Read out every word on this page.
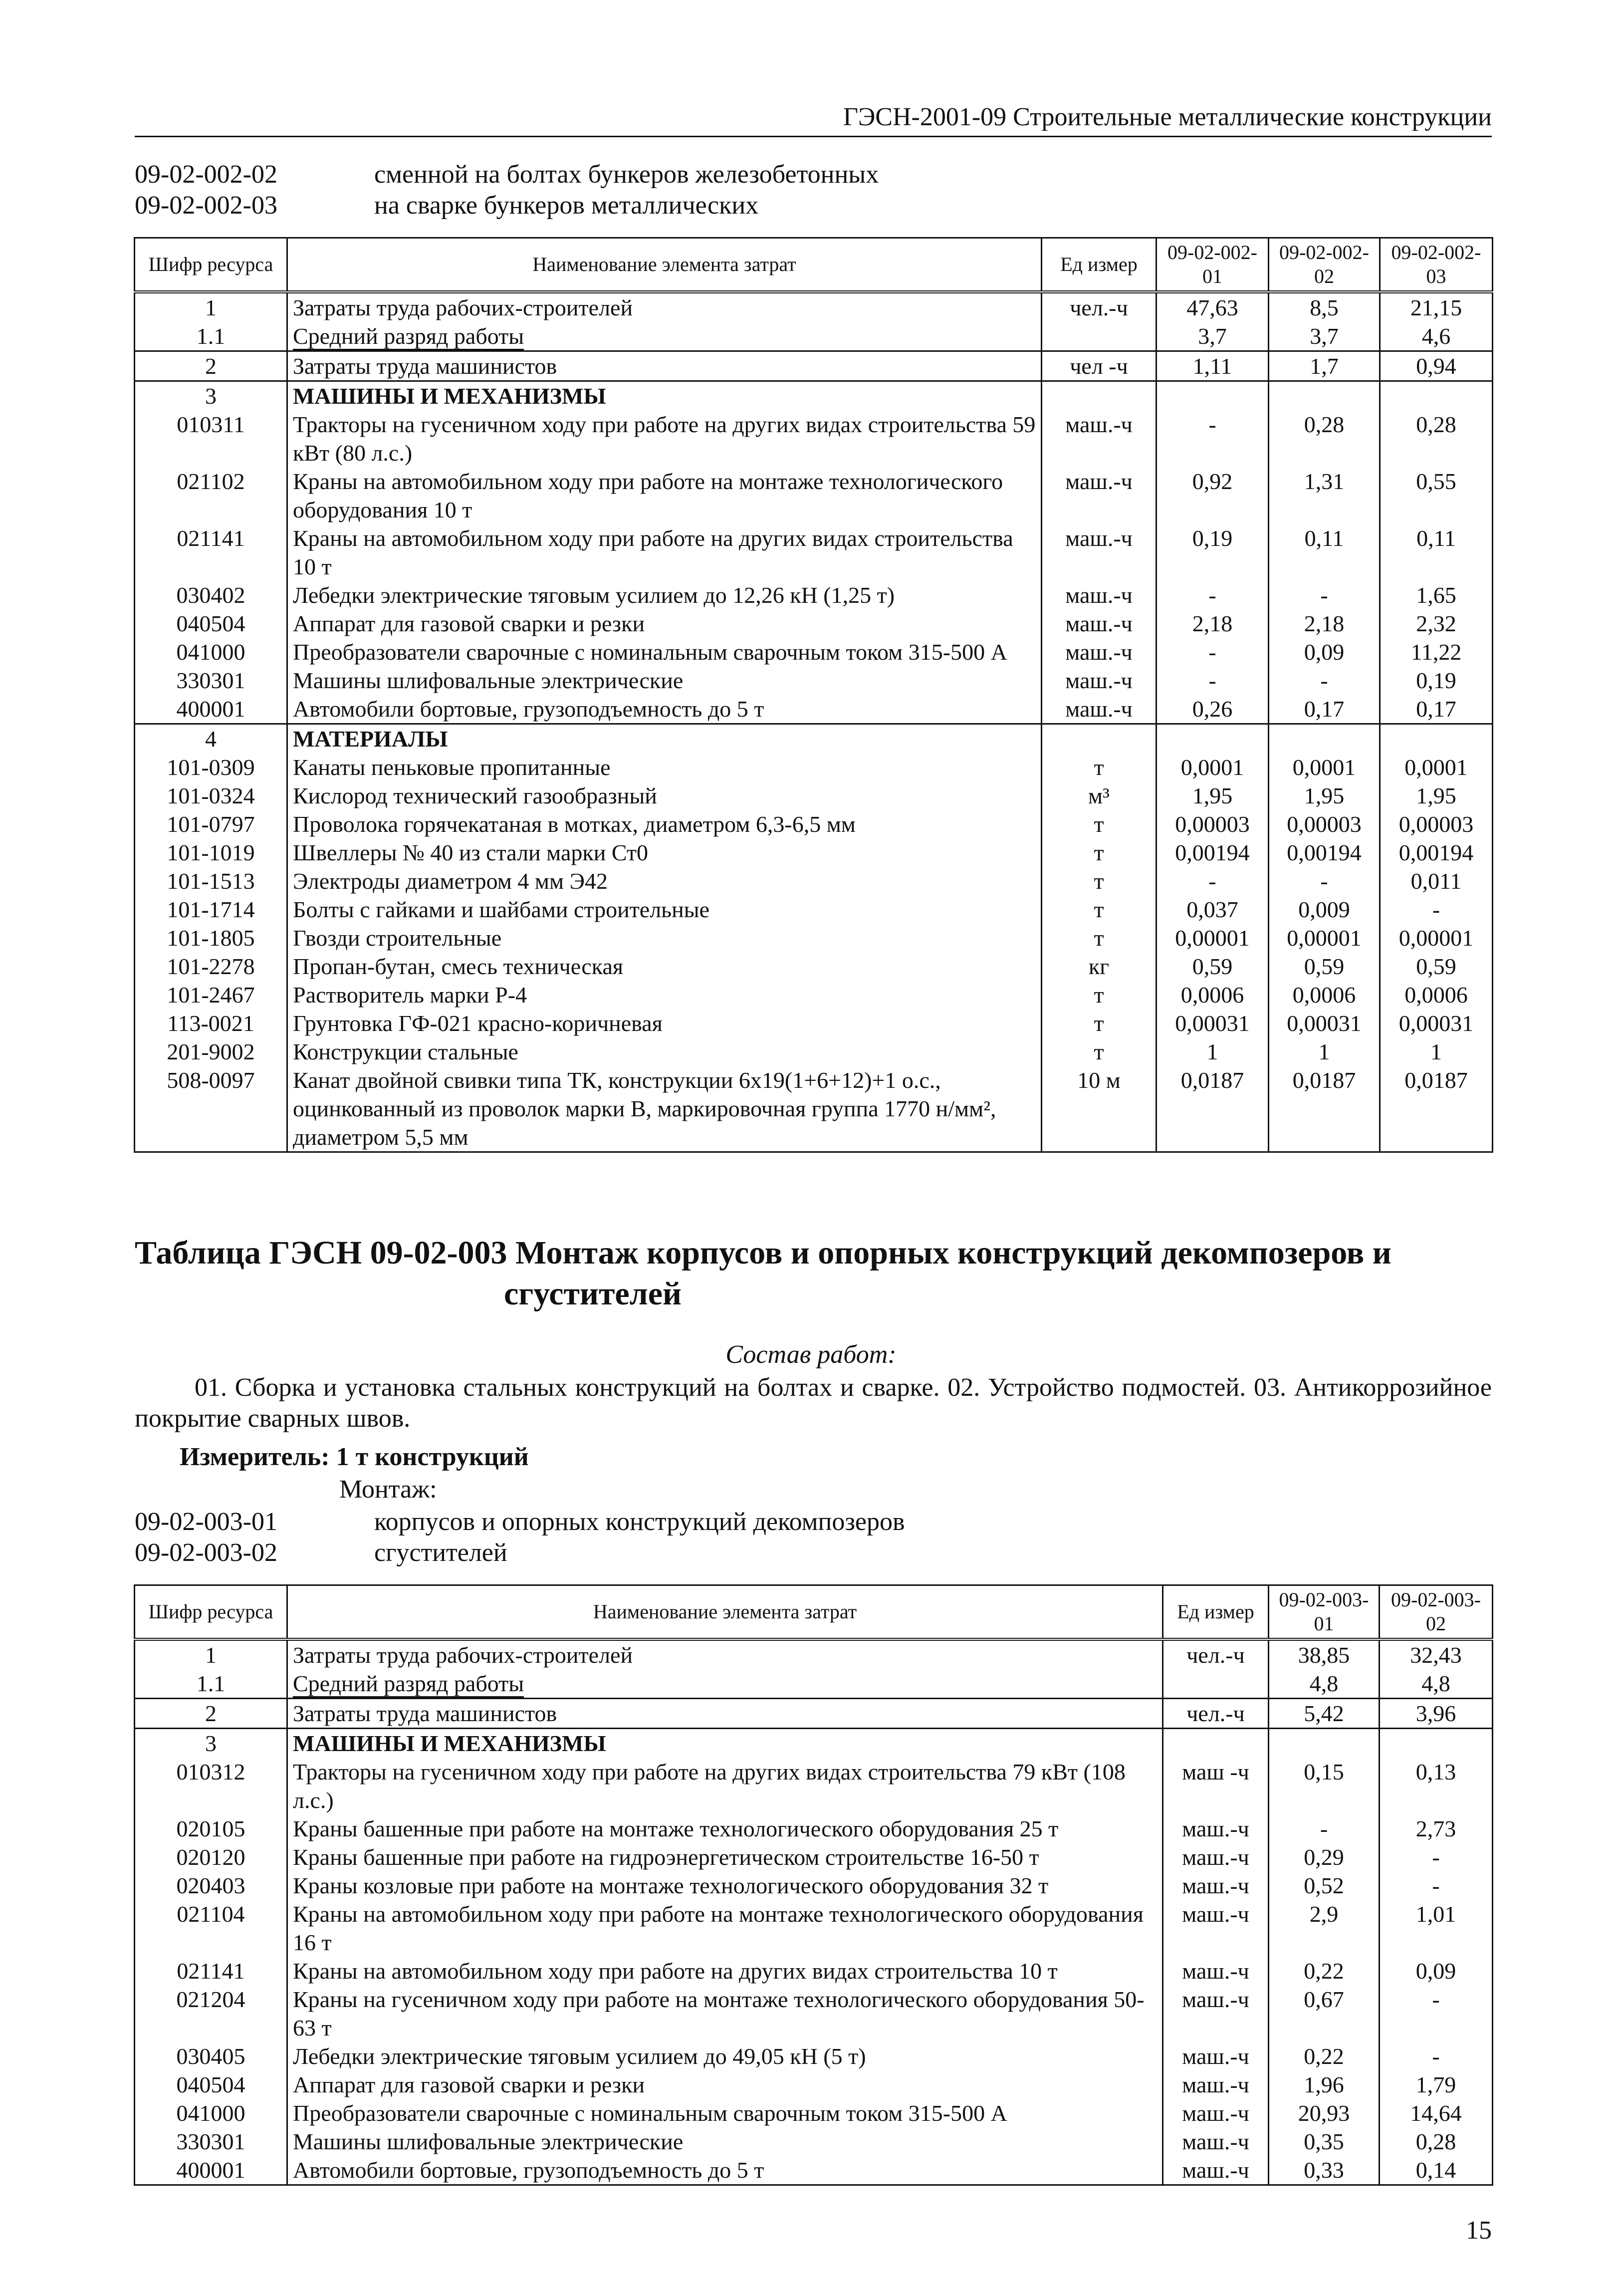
ГЭСН-2001-09 Строительные металлические конструкции
09-02-002-02	сменной на болтах бункеров железобетонных
09-02-002-03	на сварке бункеров металлических
Шифр ресурса	Наименование элемента затрат	Ед измер	09-02-002-01	09-02-002-02	09-02-002-03
1	Затраты труда рабочих-строителей	чел.-ч	47,63	8,5	21,15
1.1	Средний разряд работы		3,7	3,7	4,6
2	Затраты труда машинистов	чел -ч	1,11	1,7	0,94
3	МАШИНЫ И МЕХАНИЗМЫ				
010311	Тракторы на гусеничном ходу при работе на других видах строительства 59 кВт (80 л.с.)	маш.-ч	-	0,28	0,28
021102	Краны на автомобильном ходу при работе на монтаже технологического оборудования 10 т	маш.-ч	0,92	1,31	0,55
021141	Краны на автомобильном ходу при работе на других видах строительства 10 т	маш.-ч	0,19	0,11	0,11
030402	Лебедки электрические тяговым усилием до 12,26 кН (1,25 т)	маш.-ч	-	-	1,65
040504	Аппарат для газовой сварки и резки	маш.-ч	2,18	2,18	2,32
041000	Преобразователи сварочные с номинальным сварочным током 315-500 А	маш.-ч	-	0,09	11,22
330301	Машины шлифовальные электрические	маш.-ч	-	-	0,19
400001	Автомобили бортовые, грузоподъемность до 5 т	маш.-ч	0,26	0,17	0,17
4	МАТЕРИАЛЫ				
101-0309	Канаты пеньковые пропитанные	т	0,0001	0,0001	0,0001
101-0324	Кислород технический газообразный	м³	1,95	1,95	1,95
101-0797	Проволока горячекатаная в мотках, диаметром 6,3-6,5 мм	т	0,00003	0,00003	0,00003
101-1019	Швеллеры № 40 из стали марки Ст0	т	0,00194	0,00194	0,00194
101-1513	Электроды диаметром 4 мм Э42	т	-	-	0,011
101-1714	Болты с гайками и шайбами строительные	т	0,037	0,009	-
101-1805	Гвозди строительные	т	0,00001	0,00001	0,00001
101-2278	Пропан-бутан, смесь техническая	кг	0,59	0,59	0,59
101-2467	Растворитель марки Р-4	т	0,0006	0,0006	0,0006
113-0021	Грунтовка ГФ-021 красно-коричневая	т	0,00031	0,00031	0,00031
201-9002	Конструкции стальные	т	1	1	1
508-0097	Канат двойной свивки типа ТК, конструкции 6х19(1+6+12)+1 о.с., оцинкованный из проволок марки В, маркировочная группа 1770 н/мм², диаметром 5,5 мм	10 м	0,0187	0,0187	0,0187
Таблица ГЭСН 09-02-003 Монтаж корпусов и опорных конструкций декомпозеров и
сгустителей
Состав работ:
01. Сборка и установка стальных конструкций на болтах и сварке. 02. Устройство подмостей. 03. Антикоррозийное покрытие сварных швов.
Измеритель: 1 т конструкций
Монтаж:
09-02-003-01	корпусов и опорных конструкций декомпозеров
09-02-003-02	сгустителей
Шифр ресурса	Наименование элемента затрат	Ед измер	09-02-003-01	09-02-003-02
1	Затраты труда рабочих-строителей	чел.-ч	38,85	32,43
1.1	Средний разряд работы		4,8	4,8
2	Затраты труда машинистов	чел.-ч	5,42	3,96
3	МАШИНЫ И МЕХАНИЗМЫ			
010312	Тракторы на гусеничном ходу при работе на других видах строительства 79 кВт (108 л.с.)	маш -ч	0,15	0,13
020105	Краны башенные при работе на монтаже технологического оборудования 25 т	маш.-ч	-	2,73
020120	Краны башенные при работе на гидроэнергетическом строительстве 16-50 т	маш.-ч	0,29	-
020403	Краны козловые при работе на монтаже технологического оборудования 32 т	маш.-ч	0,52	-
021104	Краны на автомобильном ходу при работе на монтаже технологического оборудования 16 т	маш.-ч	2,9	1,01
021141	Краны на автомобильном ходу при работе на других видах строительства 10 т	маш.-ч	0,22	0,09
021204	Краны на гусеничном ходу при работе на монтаже технологического оборудования 50-63 т	маш.-ч	0,67	-
030405	Лебедки электрические тяговым усилием до 49,05 кН (5 т)	маш.-ч	0,22	-
040504	Аппарат для газовой сварки и резки	маш.-ч	1,96	1,79
041000	Преобразователи сварочные с номинальным сварочным током 315-500 А	маш.-ч	20,93	14,64
330301	Машины шлифовальные электрические	маш.-ч	0,35	0,28
400001	Автомобили бортовые, грузоподъемность до 5 т	маш.-ч	0,33	0,14
15
